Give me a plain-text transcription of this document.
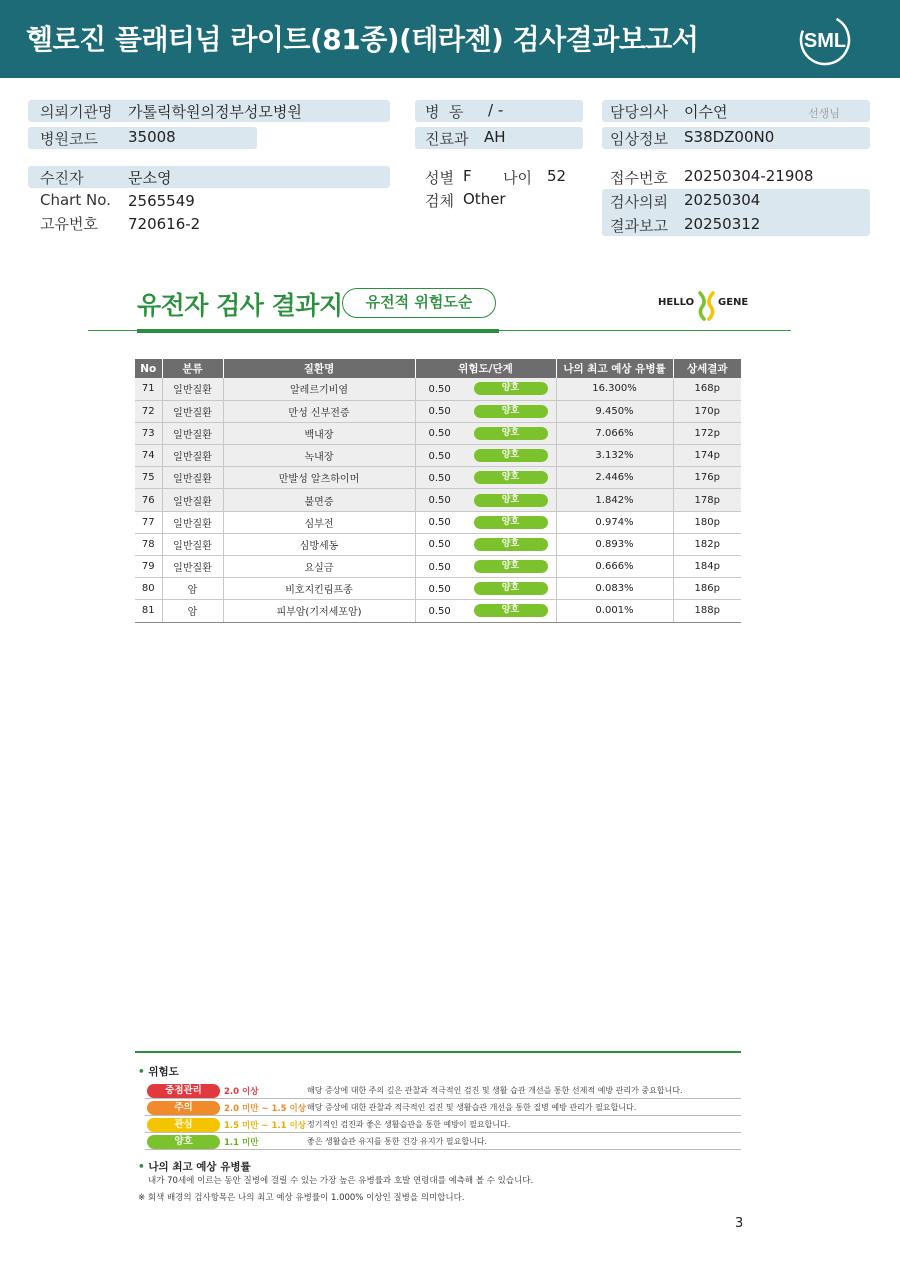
헬로진 플래티넘 라이트(81종)(테라젠) 검사결과보고서	SML
의뢰기관명 가톨릭학원의정부성모병원
병원코드 35008
병  동 / -
진료과 AH
담당의사 이수연	선생님
임상정보 S38DZ00N0
수진자	문소영
Chart No. 2565549
고유번호 720616-2
성별 F 나이 52
검체 Other
접수번호 20250304-21908
검사의뢰 20250304
결과보고 20250312
유전자 검사 결과지	유전적 위험도순	HELLO GENE
No	분류	질환명	위험도/단계	나의 최고 예상 유병률	상세결과
71	일반질환	알레르기비염	0.50 양호	16.300%	168p
72	일반질환	만성 신부전증	0.50 양호	9.450%	170p
73	일반질환	백내장	0.50 양호	7.066%	172p
74	일반질환	녹내장	0.50 양호	3.132%	174p
75	일반질환	만발성 알츠하이머	0.50 양호	2.446%	176p
76	일반질환	불면증	0.50 양호	1.842%	178p
77	일반질환	심부전	0.50 양호	0.974%	180p
78	일반질환	심방세동	0.50 양호	0.893%	182p
79	일반질환	요실금	0.50 양호	0.666%	184p
80	암	비호지킨림프종	0.50 양호	0.083%	186p
81	암	피부암(기저세포암)	0.50 양호	0.001%	188p
• 위험도
중점관리	2.0 이상	해당 증상에 대한 주의 깊은 관찰과 적극적인 검진 및 생활 습관 개선을 통한 선제적 예방 관리가 중요합니다.
주의	2.0 미만 ~ 1.5 이상 해당 증상에 대한 관찰과 적극적인 검진 및 생활습관 개선을 통한 질병 예방 관리가 필요합니다.
관심	1.5 미만 ~ 1.1 이상 정기적인 검진과 좋은 생활습관을 통한 예방이 필요합니다.
양호	1.1 미만	좋은 생활습관 유지를 통한 건강 유지가 필요합니다.
• 나의 최고 예상 유병률
내가 70세에 이르는 동안 질병에 걸릴 수 있는 가장 높은 유병률과 호발 연령대를 예측해 볼 수 있습니다.
※ 회색 배경의 검사항목은 나의 최고 예상 유병률이 1.000% 이상인 질병을 의미합니다.
3
